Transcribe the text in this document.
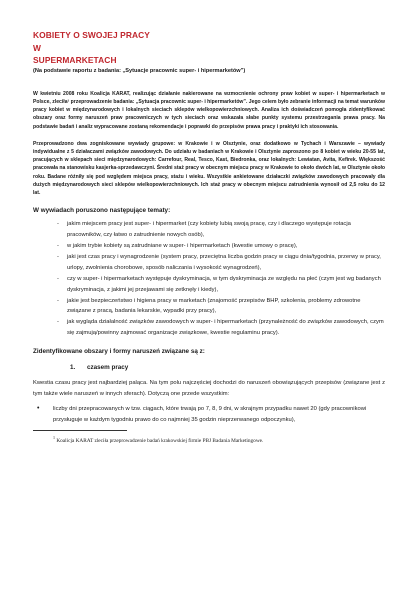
KOBIETY O SWOJEJ PRACY
W
SUPERMARKETACH
(Na podstawie raportu z badania: „Sytuacje pracownic super- i hipermarketów”)

W kwietniu 2008 roku Koalicja KARAT, realizując działanie nakierowane na wzmocnienie ochrony praw kobiet w super- i hipermarketach w Polsce, zleciła¹ przeprowadzenie badania: „Sytuacja pracownic super- i hipermarketów”. Jego celem było zebranie informacji na temat warunków pracy kobiet w międzynarodowych i lokalnych sieciach sklepów wielkopowierzchniowych. Analiza ich doświadczeń pomogła zidentyfikować obszary oraz formy naruszeń praw pracowniczych w tych sieciach oraz wskazała słabe punkty systemu przestrzegania prawa pracy. Na podstawie badań i analiz wypracowane zostaną rekomendacje i poprawki do przepisów prawa pracy i praktyki ich stosowania.

Przeprowadzono dwa zogniskowane wywiady grupowe: w Krakowie i w Olsztynie, oraz dodatkowo w Tychach i Warszawie – wywiady indywidualne z 5 działaczami związków zawodowych. Do udziału w badaniach w Krakowie i Olsztynie zaproszono po 8 kobiet w wieku 20-55 lat, pracujących w sklepach sieci międzynarodowych: Carrefour, Real, Tesco, Kast, Biedronka, oraz lokalnych: Lewiatan, Avita, Kefirek. Większość pracowała na stanowisku kasjerka-sprzedawczyni. Średni staż pracy w obecnym miejscu pracy w Krakowie to około dwóch lat, w Olsztynie około roku. Badane różniły się pod względem miejsca pracy, stażu i wieku. Wszystkie ankietowane działaczki związków zawodowych pracowały dla dużych międzynarodowych sieci sklepów wielkopowierzchniowych. Ich staż pracy w obecnym miejscu zatrudnienia wynosił od 2,5 roku do 12 lat.

W wywiadach poruszono następujące tematy:
- jakim miejscem pracy jest super- i hipermarket (czy kobiety lubią swoją pracę, czy i dlaczego występuje rotacja pracowników, czy łatwo o zatrudnienie nowych osób),
- w jakim trybie kobiety są zatrudniane w super- i hipermarketach (kwestie umowy o pracę),
- jaki jest czas pracy i wynagrodzenie (system pracy, przeciętna liczba godzin pracy w ciągu dnia/tygodnia, przerwy w pracy, urlopy, zwolnienia chorobowe, sposób naliczania i wysokość wynagrodzeń),
- czy w super- i hipermarketach występuje dyskryminacja, w tym dyskryminacja ze względu na płeć (czym jest wg badanych dyskryminacja, z jakimi jej przejawami się zetknęły i kiedy),
- jakie jest bezpieczeństwo i higiena pracy w marketach (znajomość przepisów BHP, szkolenia, problemy zdrowotne związane z pracą, badania lekarskie, wypadki przy pracy),
- jak wygląda działalność związków zawodowych w super- i hipermarketach (przynależność do związków zawodowych, czym się zajmują/powinny zajmować organizacje związkowe, kwestie regulaminu pracy).
Zidentyfikowane obszary i formy naruszeń związane są z:
1. czasem pracy

Kwestia czasu pracy jest najbardziej paląca. Na tym polu najczęściej dochodzi do naruszeń obowiązujących przepisów (związane jest z tym także wiele naruszeń w innych sferach). Dotyczą one przede wszystkim:

• liczby dni przepracowanych w tzw. ciągach, które trwają po 7, 8, 9 dni, w skrajnym przypadku nawet 20 (gdy pracownikowi przysługuje w każdym tygodniu prawo do co najmniej 35 godzin nieprzerwanego odpoczynku),
$^1$ Koalicja KARAT zleciła przeprowadzenie badań krakowskiej firmie PBJ Badania Marketingowe.
